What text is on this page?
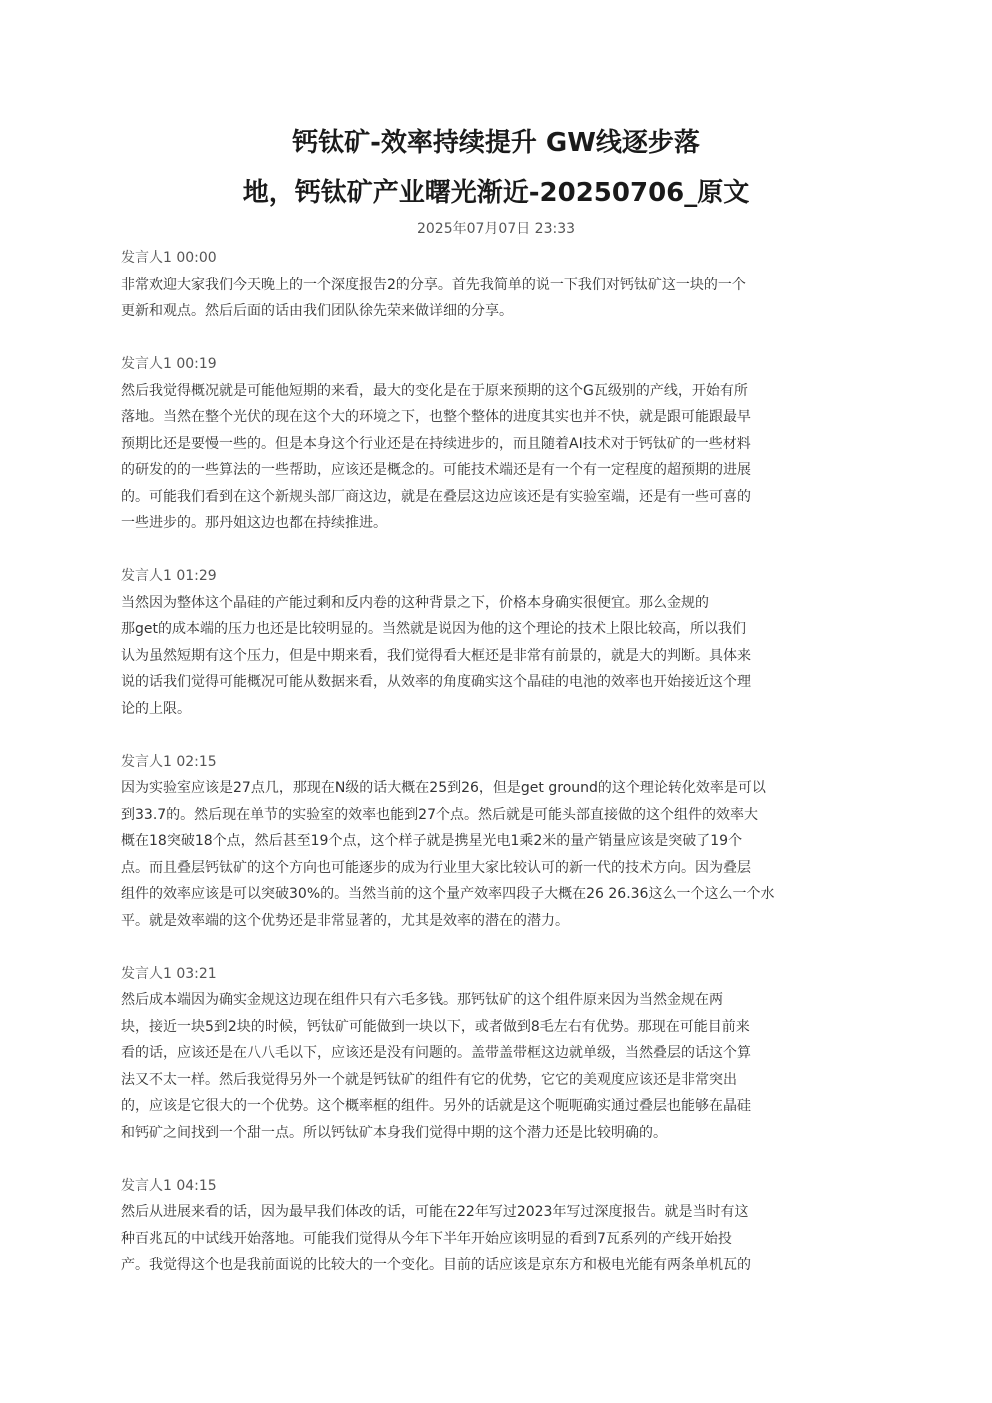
钙钛矿-效率持续提升 GW线逐步落
地，钙钛矿产业曙光渐近-20250706_原文
2025年07月07日 23:33
发言人1 00:00
非常欢迎大家我们今天晚上的一个深度报告2的分享。首先我简单的说一下我们对钙钛矿这一块的一个
更新和观点。然后后面的话由我们团队徐先荣来做详细的分享。
发言人1 00:19
然后我觉得概况就是可能他短期的来看，最大的变化是在于原来预期的这个G瓦级别的产线，开始有所
落地。当然在整个光伏的现在这个大的环境之下，也整个整体的进度其实也并不快，就是跟可能跟最早
预期比还是要慢一些的。但是本身这个行业还是在持续进步的，而且随着AI技术对于钙钛矿的一些材料
的研发的的一些算法的一些帮助，应该还是概念的。可能技术端还是有一个有一定程度的超预期的进展
的。可能我们看到在这个新规头部厂商这边，就是在叠层这边应该还是有实验室端，还是有一些可喜的
一些进步的。那丹姐这边也都在持续推进。
发言人1 01:29
当然因为整体这个晶硅的产能过剩和反内卷的这种背景之下，价格本身确实很便宜。那么金规的
那get的成本端的压力也还是比较明显的。当然就是说因为他的这个理论的技术上限比较高，所以我们
认为虽然短期有这个压力，但是中期来看，我们觉得看大框还是非常有前景的，就是大的判断。具体来
说的话我们觉得可能概况可能从数据来看，从效率的角度确实这个晶硅的电池的效率也开始接近这个理
论的上限。
发言人1 02:15
因为实验室应该是27点几，那现在N级的话大概在25到26，但是get ground的这个理论转化效率是可以
到33.7的。然后现在单节的实验室的效率也能到27个点。然后就是可能头部直接做的这个组件的效率大
概在18突破18个点，然后甚至19个点，这个样子就是携星光电1乘2米的量产销量应该是突破了19个
点。而且叠层钙钛矿的这个方向也可能逐步的成为行业里大家比较认可的新一代的技术方向。因为叠层
组件的效率应该是可以突破30%的。当然当前的这个量产效率四段子大概在26 26.36这么一个这么一个水
平。就是效率端的这个优势还是非常显著的，尤其是效率的潜在的潜力。
发言人1 03:21
然后成本端因为确实金规这边现在组件只有六毛多钱。那钙钛矿的这个组件原来因为当然金规在两
块，接近一块5到2块的时候，钙钛矿可能做到一块以下，或者做到8毛左右有优势。那现在可能目前来
看的话，应该还是在八八毛以下，应该还是没有问题的。盖带盖带框这边就单级，当然叠层的话这个算
法又不太一样。然后我觉得另外一个就是钙钛矿的组件有它的优势，它它的美观度应该还是非常突出
的，应该是它很大的一个优势。这个概率框的组件。另外的话就是这个呃呃确实通过叠层也能够在晶硅
和钙矿之间找到一个甜一点。所以钙钛矿本身我们觉得中期的这个潜力还是比较明确的。
发言人1 04:15
然后从进展来看的话，因为最早我们体改的话，可能在22年写过2023年写过深度报告。就是当时有这
种百兆瓦的中试线开始落地。可能我们觉得从今年下半年开始应该明显的看到7瓦系列的产线开始投
产。我觉得这个也是我前面说的比较大的一个变化。目前的话应该是京东方和极电光能有两条单机瓦的
